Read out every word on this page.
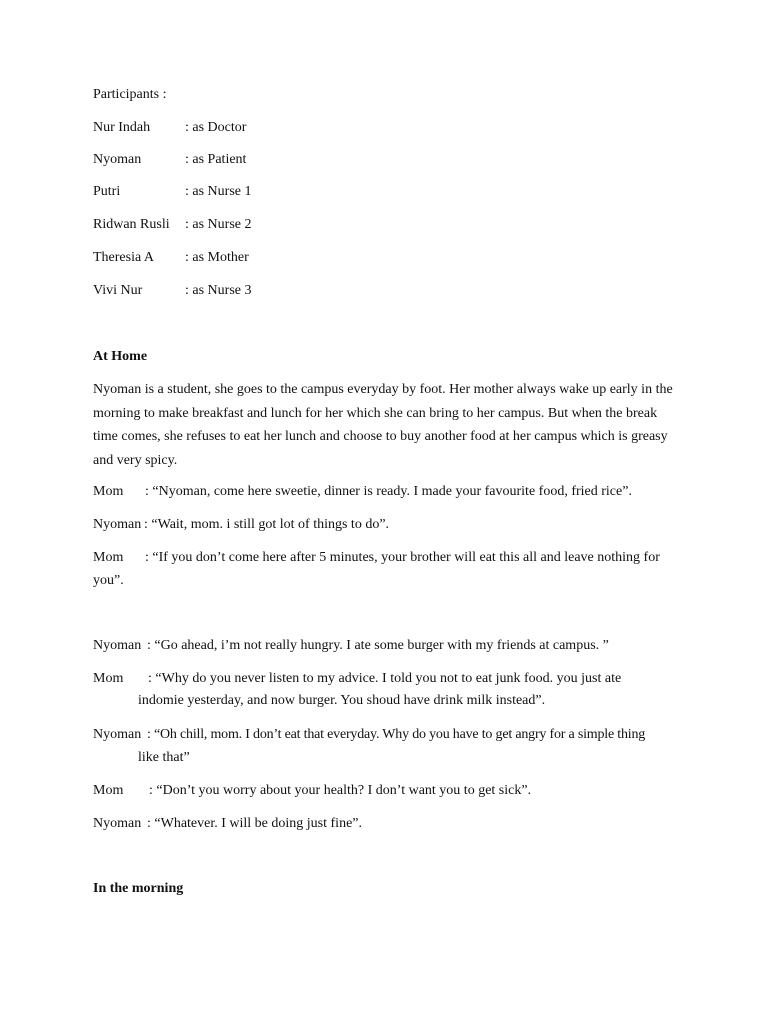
Participants :
Nur Indah : as Doctor
Nyoman	: as Patient
Putri	: as Nurse 1
Ridwan Rusli : as Nurse 2
Theresia A : as Mother
Vivi Nur	: as Nurse 3
At Home
Nyoman is a student, she goes to the campus everyday by foot. Her mother always wake up early in the morning to make breakfast and lunch for her which she can bring to her campus. But when the break time comes, she refuses to eat her lunch and choose to buy another food at her campus which is greasy and very spicy.
Mom : “Nyoman, come here sweetie, dinner is ready. I made your favourite food, fried rice”.
Nyoman : “Wait, mom. i still got lot of things to do”.
Mom : “If you don’t come here after 5 minutes, your brother will eat this all and leave nothing for
you”.
Nyoman : “Go ahead, i’m not really hungry. I ate some burger with my friends at campus. ”
Mom : “Why do you never listen to my advice. I told you not to eat junk food. you just ate
indomie yesterday, and now burger. You shoud have drink milk instead”.
Nyoman : “Oh chill, mom. I don’t eat that everyday. Why do you have to get angry for a simple thing
like that”
Mom : “Don’t you worry about your health? I don’t want you to get sick”.
Nyoman : “Whatever. I will be doing just fine”.
In the morning
